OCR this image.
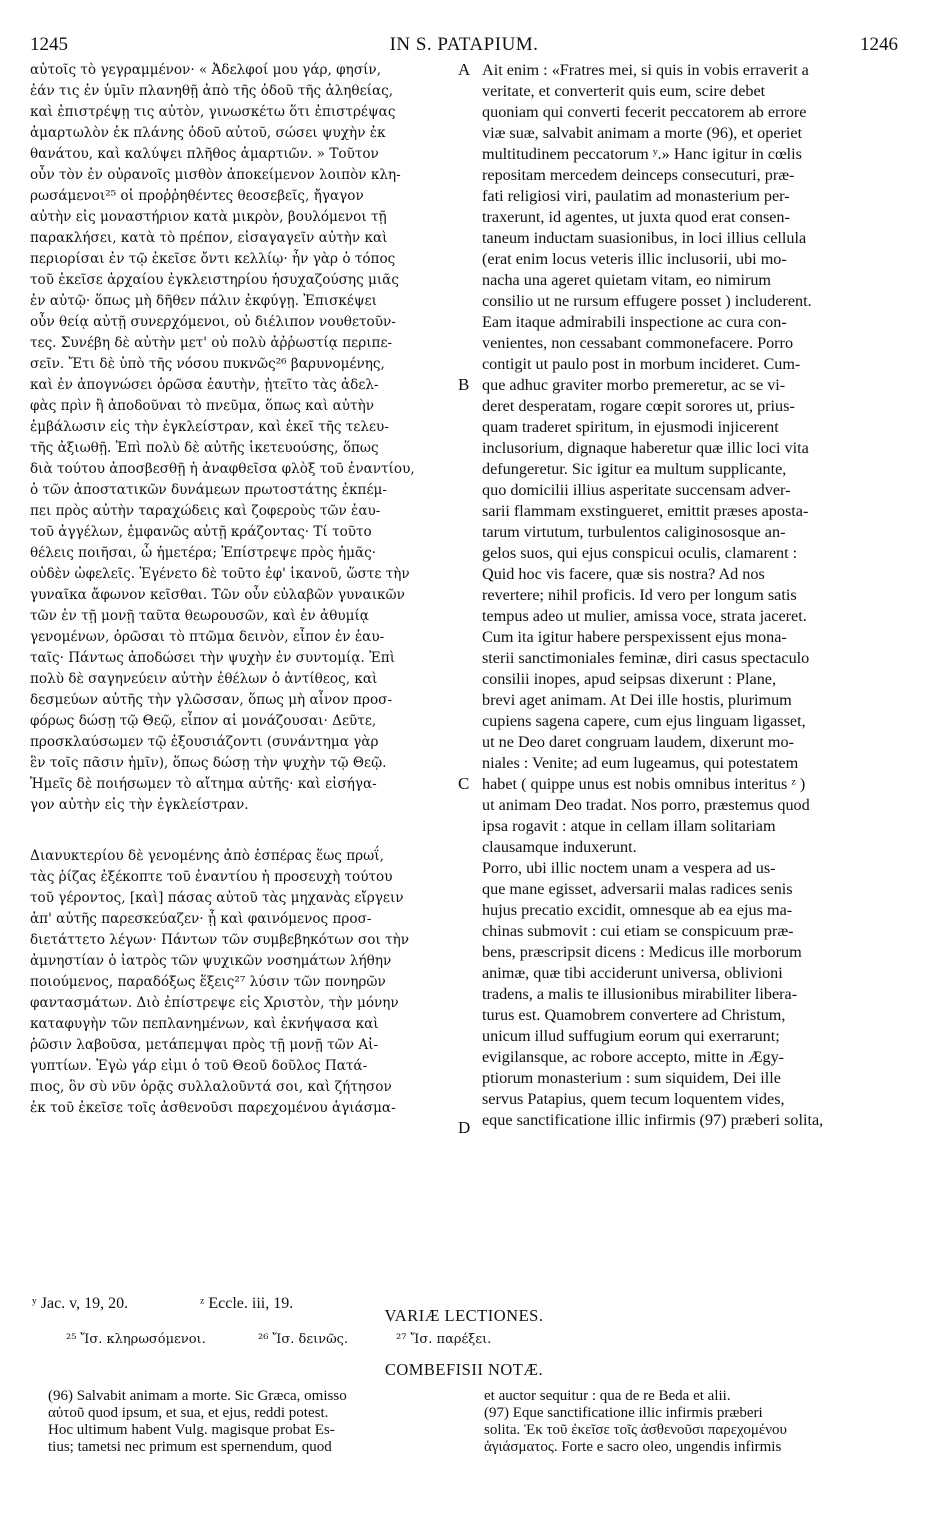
1245	IN S. PATAPIUM.	1246
αὐτοῖς τὸ γεγραμμένον· « Ἀδελφοί μου γάρ, φησίν,
ἐάν τις ἐν ὑμῖν πλανηθῇ ἀπὸ τῆς ὁδοῦ τῆς ἀληθείας,
καὶ ἐπιστρέψῃ τις αὐτὸν, γινωσκέτω ὅτι ἐπιστρέψας
ἁμαρτωλὸν ἐκ πλάνης ὁδοῦ αὐτοῦ, σώσει ψυχὴν ἐκ
θανάτου, καὶ καλύψει πλῆθος ἁμαρτιῶν. » Τοῦτον
οὖν τὸν ἐν οὐρανοῖς μισθὸν ἀποκείμενον λοιπὸν κλη-
ρωσάμενοι²⁵ οἱ προῤῥηθέντες θεοσεβεῖς, ἤγαγον
αὐτὴν εἰς μοναστήριον κατὰ μικρὸν, βουλόμενοι τῇ
παρακλήσει, κατὰ τὸ πρέπον, εἰσαγαγεῖν αὐτὴν καὶ
περιορίσαι ἐν τῷ ἐκεῖσε ὄντι κελλίῳ· ἦν γὰρ ὁ τόπος
τοῦ ἐκεῖσε ἀρχαίου ἐγκλειστηρίου ἡσυχαζούσης μιᾶς
ἐν αὐτῷ· ὅπως μὴ δῆθεν πάλιν ἐκφύγῃ. Ἐπισκέψει
οὖν θείᾳ αὐτῇ συνερχόμενοι, οὐ διέλιπον νουθετοῦν-
τες. Συνέβη δὲ αὐτὴν μετ' οὐ πολὺ ἀῤῥωστίᾳ περιπε-
σεῖν. Ἔτι δὲ ὑπὸ τῆς νόσου πυκνῶς²⁶ βαρυνομένης,
καὶ ἐν ἀπογνώσει ὁρῶσα ἑαυτὴν, ᾐτεῖτο τὰς ἀδελ-
φὰς πρὶν ἢ ἀποδοῦναι τὸ πνεῦμα, ὅπως καὶ αὐτὴν
ἐμβάλωσιν εἰς τὴν ἐγκλείστραν, καὶ ἐκεῖ τῆς τελευ-
τῆς ἀξιωθῇ. Ἐπὶ πολὺ δὲ αὐτῆς ἱκετευούσης, ὅπως
διὰ τούτου ἀποσβεσθῇ ἡ ἀναφθεῖσα φλὸξ τοῦ ἐναντίου,
ὁ τῶν ἀποστατικῶν δυνάμεων πρωτοστάτης ἐκπέμ-
πει πρὸς αὐτὴν ταραχώδεις καὶ ζοφεροὺς τῶν ἑαυ-
τοῦ ἀγγέλων, ἐμφανῶς αὐτῇ κράζοντας· Τί τοῦτο
θέλεις ποιῆσαι, ὦ ἡμετέρα; Ἐπίστρεψε πρὸς ἡμᾶς·
οὐδὲν ὠφελεῖς. Ἐγένετο δὲ τοῦτο ἐφ' ἱκανοῦ, ὥστε τὴν
γυναῖκα ἄφωνον κεῖσθαι. Τῶν οὖν εὐλαβῶν γυναικῶν
τῶν ἐν τῇ μονῇ ταῦτα θεωρουσῶν, καὶ ἐν ἀθυμίᾳ
γενομένων, ὁρῶσαι τὸ πτῶμα δεινὸν, εἶπον ἐν ἑαυ-
ταῖς· Πάντως ἀποδώσει τὴν ψυχὴν ἐν συντομίᾳ. Ἐπὶ
πολὺ δὲ σαγηνεύειν αὐτὴν ἐθέλων ὁ ἀντίθεος, καὶ
δεσμεύων αὐτῆς τὴν γλῶσσαν, ὅπως μὴ αἶνον προσ-
φόρως δώσῃ τῷ Θεῷ, εἶπον αἱ μονάζουσαι· Δεῦτε,
προσκλαύσωμεν τῷ ἐξουσιάζοντι (συνάντημα γὰρ
ἓν τοῖς πᾶσιν ἡμῖν), ὅπως δώσῃ τὴν ψυχὴν τῷ Θεῷ.
Ἡμεῖς δὲ ποιήσωμεν τὸ αἴτημα αὐτῆς· καὶ εἰσήγα-
γον αὐτὴν εἰς τὴν ἐγκλείστραν.
Διανυκτερίου δὲ γενομένης ἀπὸ ἑσπέρας ἕως πρωΐ,
τὰς ῥίζας ἐξέκοπτε τοῦ ἐναντίου ἡ προσευχὴ τούτου
τοῦ γέροντος, [καὶ] πάσας αὐτοῦ τὰς μηχανὰς εἴργειν
ἀπ' αὐτῆς παρεσκεύαζεν· ᾗ καὶ φαινόμενος προσ-
διετάττετο λέγων· Πάντων τῶν συμβεβηκότων σοι τὴν
ἀμνηστίαν ὁ ἰατρὸς τῶν ψυχικῶν νοσημάτων λήθην
ποιούμενος, παραδόξως ἕξεις²⁷ λύσιν τῶν πονηρῶν
φαντασμάτων. Διὸ ἐπίστρεψε εἰς Χριστὸν, τὴν μόνην
καταφυγὴν τῶν πεπλανημένων, καὶ ἐκνήψασα καὶ
ῥῶσιν λαβοῦσα, μετάπεμψαι πρὸς τῇ μονῇ τῶν Αἰ-
γυπτίων. Ἐγὼ γάρ εἰμι ὁ τοῦ Θεοῦ δοῦλος Πατά-
πιος, ὃν σὺ νῦν ὁρᾷς συλλαλοῦντά σοι, καὶ ζήτησον
ἐκ τοῦ ἐκεῖσε τοῖς ἀσθενοῦσι παρεχομένου ἁγιάσμα-
Ait enim : «Fratres mei, si quis in vobis erraverit a
veritate, et converterit quis eum, scire debet
quoniam qui converti fecerit peccatorem ab errore
viæ suæ, salvabit animam a morte (96), et operiet
multitudinem peccatorum ʸ.» Hanc igitur in cœlis
repositam mercedem deinceps consecuturi, præ-
fati religiosi viri, paulatim ad monasterium per-
traxerunt, id agentes, ut juxta quod erat consen-
taneum inductam suasionibus, in loci illius cellula
(erat enim locus veteris illic inclusorii, ubi mo-
nacha una ageret quietam vitam, eo nimirum
consilio ut ne rursum effugere posset ) includerent.
Eam itaque admirabili inspectione ac cura con-
venientes, non cessabant commonefacere. Porro
contigit ut paulo post in morbum incideret. Cum-
que adhuc graviter morbo premeretur, ac se vi-
deret desperatam, rogare cœpit sorores ut, prius-
quam traderet spiritum, in ejusmodi injicerent
inclusorium, dignaque haberetur quæ illic loci vita
defungeretur. Sic igitur ea multum supplicante,
quo domicilii illius asperitate succensam adver-
sarii flammam exstingueret, emittit præses aposta-
tarum virtutum, turbulentos caliginososque an-
gelos suos, qui ejus conspicui oculis, clamarent :
Quid hoc vis facere, quæ sis nostra? Ad nos
revertere; nihil proficis. Id vero per longum satis
tempus adeo ut mulier, amissa voce, strata jaceret.
Cum ita igitur habere perspexissent ejus mona-
sterii sanctimoniales feminæ, diri casus spectaculo
consilii inopes, apud seipsas dixerunt : Plane,
brevi aget animam. At Dei ille hostis, plurimum
cupiens sagena capere, cum ejus linguam ligasset,
ut ne Deo daret congruam laudem, dixerunt mo-
niales : Venite; ad eum lugeamus, qui potestatem
habet ( quippe unus est nobis omnibus interitus ᶻ )
ut animam Deo tradat. Nos porro, præstemus quod
ipsa rogavit : atque in cellam illam solitariam
clausamque induxerunt.
Porro, ubi illic noctem unam a vespera ad us-
que mane egisset, adversarii malas radices senis
hujus precatio excidit, omnesque ab ea ejus ma-
chinas submovit : cui etiam se conspicuum præ-
bens, præscripsit dicens : Medicus ille morborum
animæ, quæ tibi acciderunt universa, oblivioni
tradens, a malis te illusionibus mirabiliter libera-
turus est. Quamobrem convertere ad Christum,
unicum illud suffugium eorum qui exerrarunt;
evigilansque, ac robore accepto, mitte in Ægy-
ptiorum monasterium : sum siquidem, Dei ille
servus Patapius, quem tecum loquentem vides,
eque sanctificatione illic infirmis (97) præberi solita,
A
B
C
D
ʸ Jac. v, 19, 20.	ᶻ Eccle. iii, 19.
VARIÆ LECTIONES.
²⁵ Ἴσ. κληρωσόμενοι.	²⁶ Ἴσ. δεινῶς.	²⁷ Ἴσ. παρέξει.
COMBEFISII NOTÆ.
(96) Salvabit animam a morte. Sic Græca, omisso
αὐτοῦ quod ipsum, et sua, et ejus, reddi potest.
Hoc ultimum habent Vulg. magisque probat Es-
tius; tametsi nec primum est spernendum, quod
et auctor sequitur : qua de re Beda et alii.
(97) Eque sanctificatione illic infirmis præberi
solita. Ἐκ τοῦ ἐκεῖσε τοῖς ἀσθενοῦσι παρεχομένου
ἁγιάσματος. Forte e sacro oleo, ungendis infirmis
